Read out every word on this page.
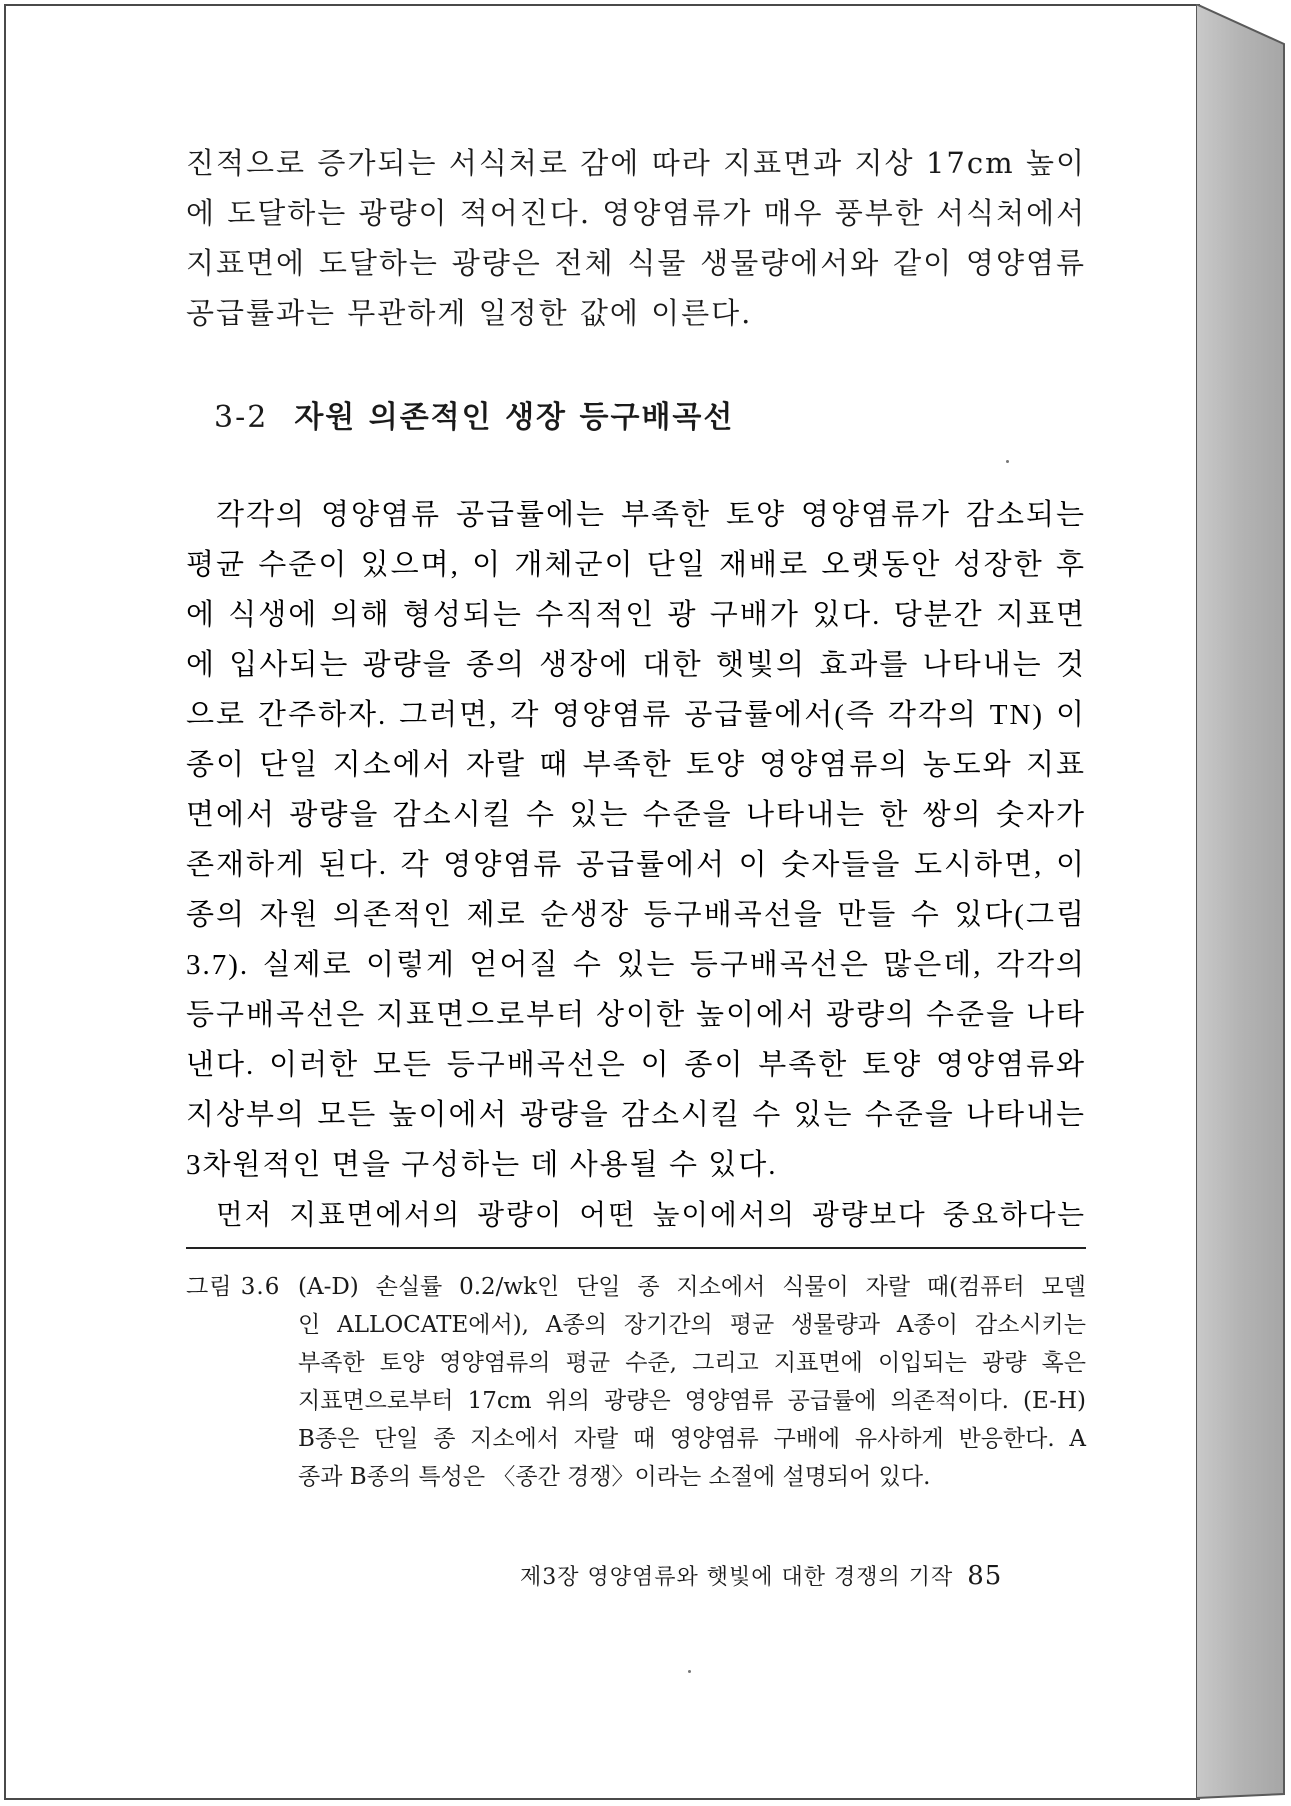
진적으로 증가되는 서식처로 감에 따라 지표면과 지상 17cm 높이
에 도달하는 광량이 적어진다. 영양염류가 매우 풍부한 서식처에서
지표면에 도달하는 광량은 전체 식물 생물량에서와 같이 영양염류
공급률과는 무관하게 일정한 값에 이른다.

3-2 자원 의존적인 생장 등구배곡선

각각의 영양염류 공급률에는 부족한 토양 영양염류가 감소되는
평균 수준이 있으며, 이 개체군이 단일 재배로 오랫동안 성장한 후
에 식생에 의해 형성되는 수직적인 광 구배가 있다. 당분간 지표면
에 입사되는 광량을 종의 생장에 대한 햇빛의 효과를 나타내는 것
으로 간주하자. 그러면, 각 영양염류 공급률에서(즉 각각의 TN) 이
종이 단일 지소에서 자랄 때 부족한 토양 영양염류의 농도와 지표
면에서 광량을 감소시킬 수 있는 수준을 나타내는 한 쌍의 숫자가
존재하게 된다. 각 영양염류 공급률에서 이 숫자들을 도시하면, 이
종의 자원 의존적인 제로 순생장 등구배곡선을 만들 수 있다(그림
3.7). 실제로 이렇게 얻어질 수 있는 등구배곡선은 많은데, 각각의
등구배곡선은 지표면으로부터 상이한 높이에서 광량의 수준을 나타
낸다. 이러한 모든 등구배곡선은 이 종이 부족한 토양 영양염류와
지상부의 모든 높이에서 광량을 감소시킬 수 있는 수준을 나타내는
3차원적인 면을 구성하는 데 사용될 수 있다.

먼저 지표면에서의 광량이 어떤 높이에서의 광량보다 중요하다는

그림 3.6 (A-D) 손실률 0.2/wk인 단일 종 지소에서 식물이 자랄 때(컴퓨터 모델
인 ALLOCATE에서), A종의 장기간의 평균 생물량과 A종이 감소시키는
부족한 토양 영양염류의 평균 수준, 그리고 지표면에 이입되는 광량 혹은
지표면으로부터 17cm 위의 광량은 영양염류 공급률에 의존적이다. (E-H)
B종은 단일 종 지소에서 자랄 때 영양염류 구배에 유사하게 반응한다. A
종과 B종의 특성은 〈종간 경쟁〉이라는 소절에 설명되어 있다.
제3장 영양염류와 햇빛에 대한 경쟁의 기작 85
